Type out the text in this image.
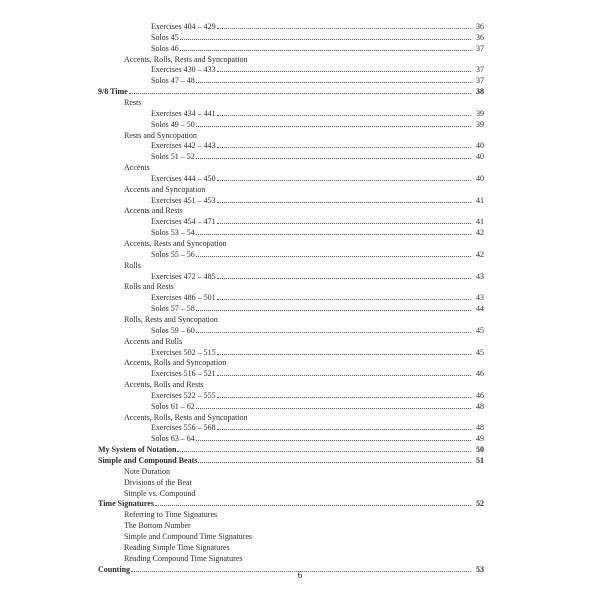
Exercises 404 – 429	36
Solos 45	36
Solos 46	37
Accents, Rolls, Rests and Syncopation
Exercises 430 – 433	37
Solos 47 – 48	37
9/8 Time	38
Rests
Exercises 434 – 441	39
Solos 49 – 50	39
Rests and Syncopation
Exercises 442 – 443	40
Solos 51 – 52	40
Accents
Exercises 444 – 450	40
Accents and Syncopation
Exercises 451 – 453	41
Accents and Rests
Exercises 454 – 471	41
Solos 53 – 54	42
Accents, Rests and Syncopation
Solos 55 – 56	42
Rolls
Exercises 472 – 485	43
Rolls and Rests
Exercises 486 – 501	43
Solos 57 – 58	44
Rolls, Rests and Syncopation
Solos 59 – 60	45
Accents and Rolls
Exercises 502 – 515	45
Accents, Rolls and Syncopation
Exercises 516 – 521	46
Accents, Rolls and Rests
Exercises 522 – 555	46
Solos 61 – 62	48
Accents, Rolls, Rests and Syncopation
Exercises 556 – 568	48
Solos 63 – 64	49
My System of Notation	50
Simple and Compound Beats	51
Note Duration
Divisions of the Beat
Simple vs. Compound
Time Signatures	52
Referring to Time Signatures
The Bottom Number
Simple and Compound Time Signatures
Reading Simple Time Signatures
Reading Compound Time Signatures
Counting	53
6
